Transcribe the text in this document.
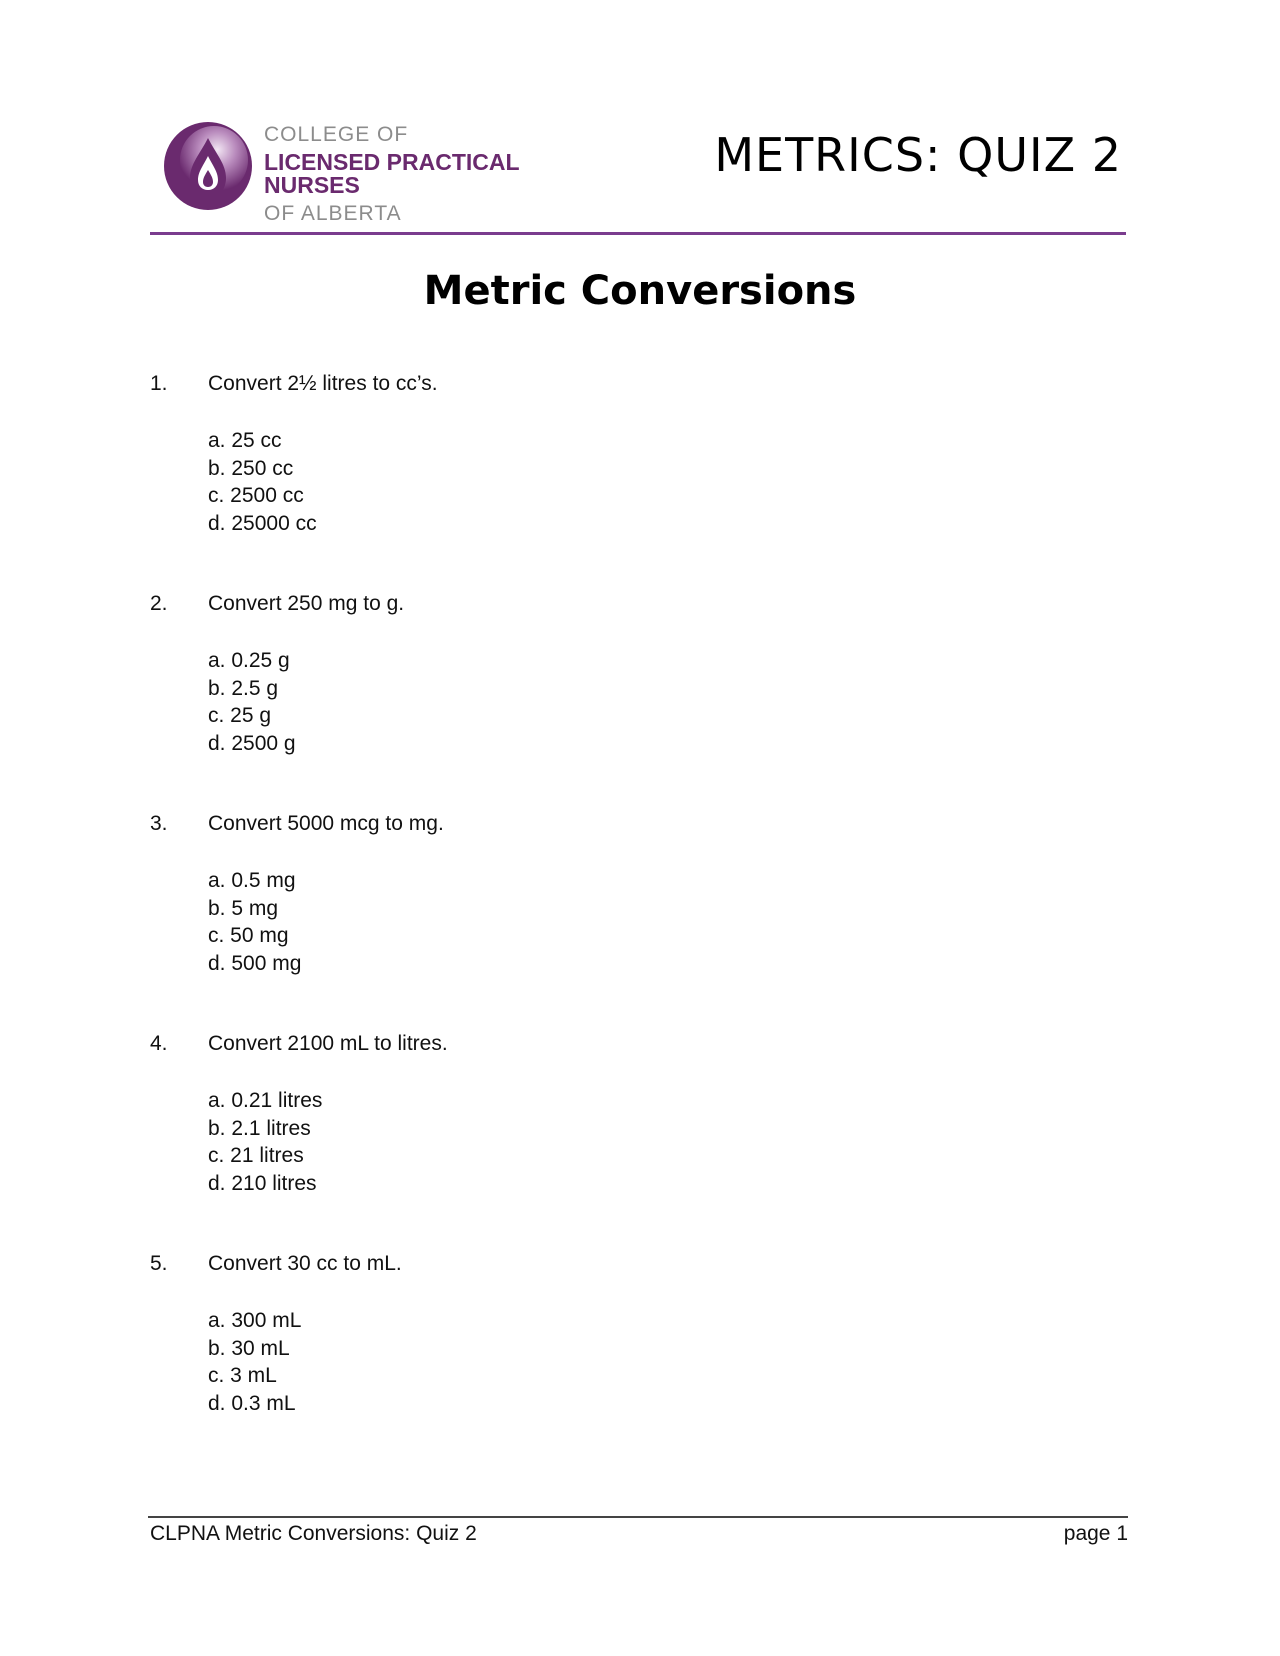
COLLEGE OF
LICENSED PRACTICAL NURSES
OF ALBERTA
METRICS: QUIZ 2
Metric Conversions
1. Convert 2½ litres to cc’s.
a. 25 cc
b. 250 cc
c. 2500 cc
d. 25000 cc
2. Convert 250 mg to g.
a. 0.25 g
b. 2.5 g
c. 25 g
d. 2500 g
3. Convert 5000 mcg to mg.
a. 0.5 mg
b. 5 mg
c. 50 mg
d. 500 mg
4. Convert 2100 mL to litres.
a. 0.21 litres
b. 2.1 litres
c. 21 litres
d. 210 litres
5. Convert 30 cc to mL.
a. 300 mL
b. 30 mL
c. 3 mL
d. 0.3 mL
CLPNA Metric Conversions: Quiz 2	page 1
